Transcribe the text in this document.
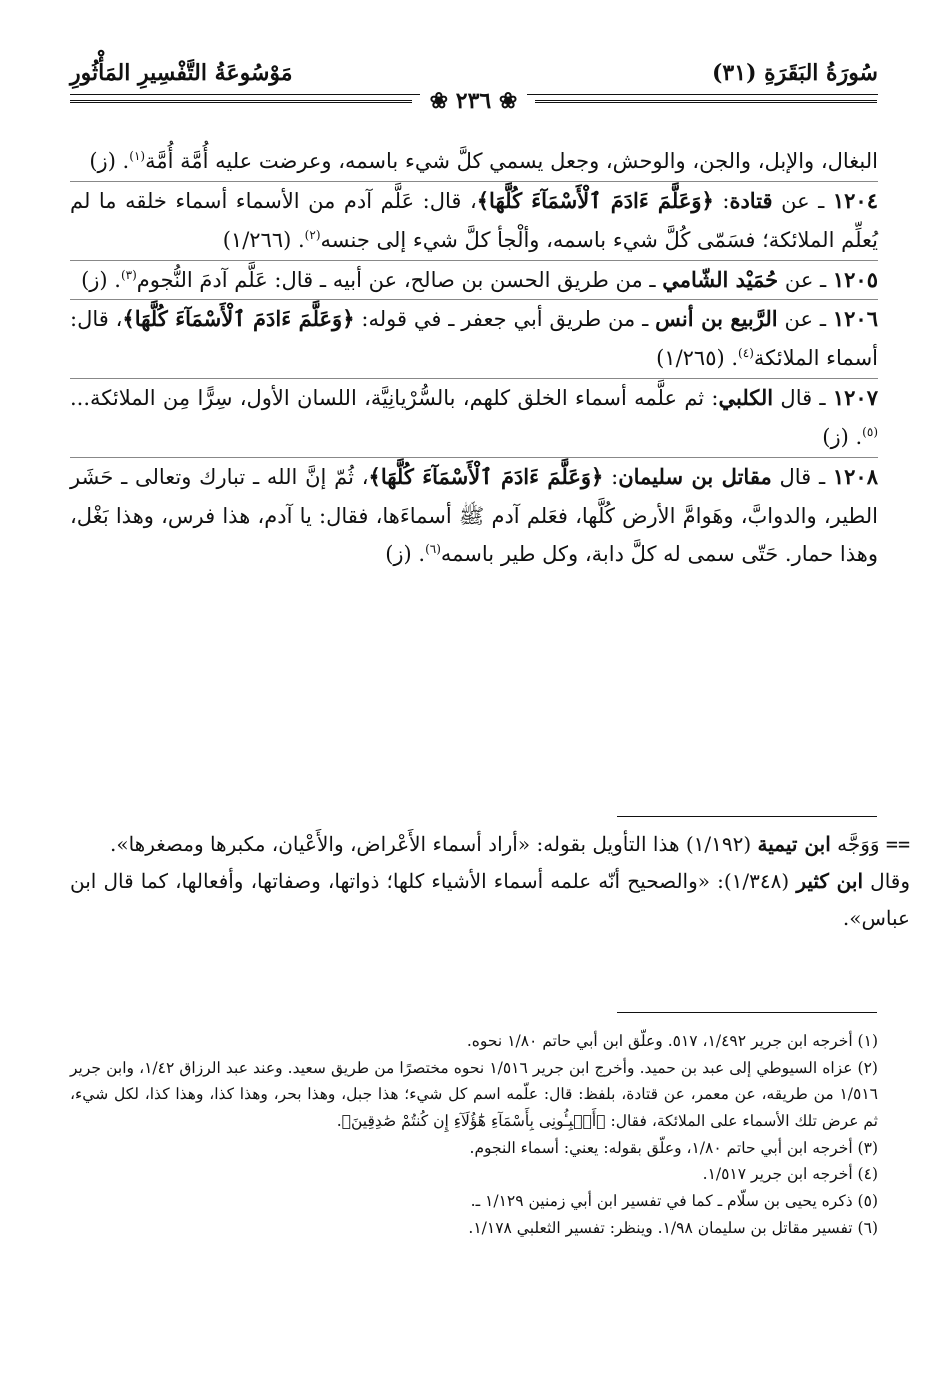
سُورَةُ البَقَرَةِ (٣١)
مَوْسُوعَةُ التَّفْسِيرِ المَأْثُورِ
❀ ٢٣٦ ❀

البغال، والإبل، والجن، والوحش، وجعل يسمي كلَّ شيء باسمه، وعرضت عليه أُمَّة أُمَّة$^{(١)}$. (ز)

١٢٠٤ ـ عن قتادة: ﴿وَعَلَّمَ ءَادَمَ ٱلْأَسْمَآءَ كُلَّهَا﴾، قال: عَلَّم آدم من الأسماء أسماء خلقه ما لم يُعلِّم الملائكة؛ فسَمّى كُلَّ شيء باسمه، وألْجأ كلَّ شيء إلى جنسه$^{(٢)}$. (١/٢٦٦)

١٢٠٥ ـ عن حُمَيْد الشّامي ـ من طريق الحسن بن صالح، عن أبيه ـ قال: عَلَّم آدمَ النُّجوم$^{(٣)}$. (ز)

١٢٠٦ ـ عن الرَّبيع بن أنس ـ من طريق أبي جعفر ـ في قوله: ﴿وَعَلَّمَ ءَادَمَ ٱلْأَسْمَآءَ كُلَّهَا﴾، قال: أسماء الملائكة$^{(٤)}$. (١/٢٦٥)

١٢٠٧ ـ قال الكلبي: ثم علَّمه أسماء الخلق كلهم، بالسُّرْيانِيَّة، اللسان الأول، سِرًّا مِن الملائكة...$^{(٥)}$. (ز)

١٢٠٨ ـ قال مقاتل بن سليمان: ﴿وَعَلَّمَ ءَادَمَ ٱلْأَسْمَآءَ كُلَّهَا﴾، ثُمّ إنَّ الله ـ تبارك وتعالى ـ حَشَر الطير، والدوابَّ، وهَوامَّ الأرض كُلَّها، فعَلم آدم ﷺ أسماءَها، فقال: يا آدم، هذا فرس، وهذا بَغْل، وهذا حمار. حَتّى سمى له كلَّ دابة، وكل طير باسمه$^{(٦)}$. (ز)

== وَوَجَّه ابن تيمية (١/١٩٢) هذا التأويل بقوله: «أراد أسماء الأَعْراض، والأَعْيان، مكبرها ومصغرها».

وقال ابن كثير (١/٣٤٨): «والصحيح أنّه علمه أسماء الأشياء كلها؛ ذواتها، وصفاتها، وأفعالها، كما قال ابن عباس».

(١) أخرجه ابن جرير ١/٤٩٢، ٥١٧. وعلّق ابن أبي حاتم ١/٨٠ نحوه.

(٢) عزاه السيوطي إلى عبد بن حميد. وأخرج ابن جرير ١/٥١٦ نحوه مختصرًا من طريق سعيد. وعند عبد الرزاق ١/٤٢، وابن جرير ١/٥١٦ من طريقه، عن معمر، عن قتادة، بلفظ: قال: علّمه اسم كل شيء؛ هذا جبل، وهذا بحر، وهذا كذا، وهذا كذا، لكل شيء، ثم عرض تلك الأسماء على الملائكة، فقال: ﴿أَنۢبِـُٔونِى بِأَسْمَآءِ هَٰٓؤُلَآءِ إِن كُنتُمْ صَٰدِقِينَ﴾.

(٣) أخرجه ابن أبي حاتم ١/٨٠، وعلّق بقوله: يعني: أسماء النجوم.

(٤) أخرجه ابن جرير ١/٥١٧.

(٥) ذكره يحيى بن سلّام ـ كما في تفسير ابن أبي زمنين ١/١٢٩ ـ.

(٦) تفسير مقاتل بن سليمان ١/٩٨. وينظر: تفسير الثعلبي ١/١٧٨.
